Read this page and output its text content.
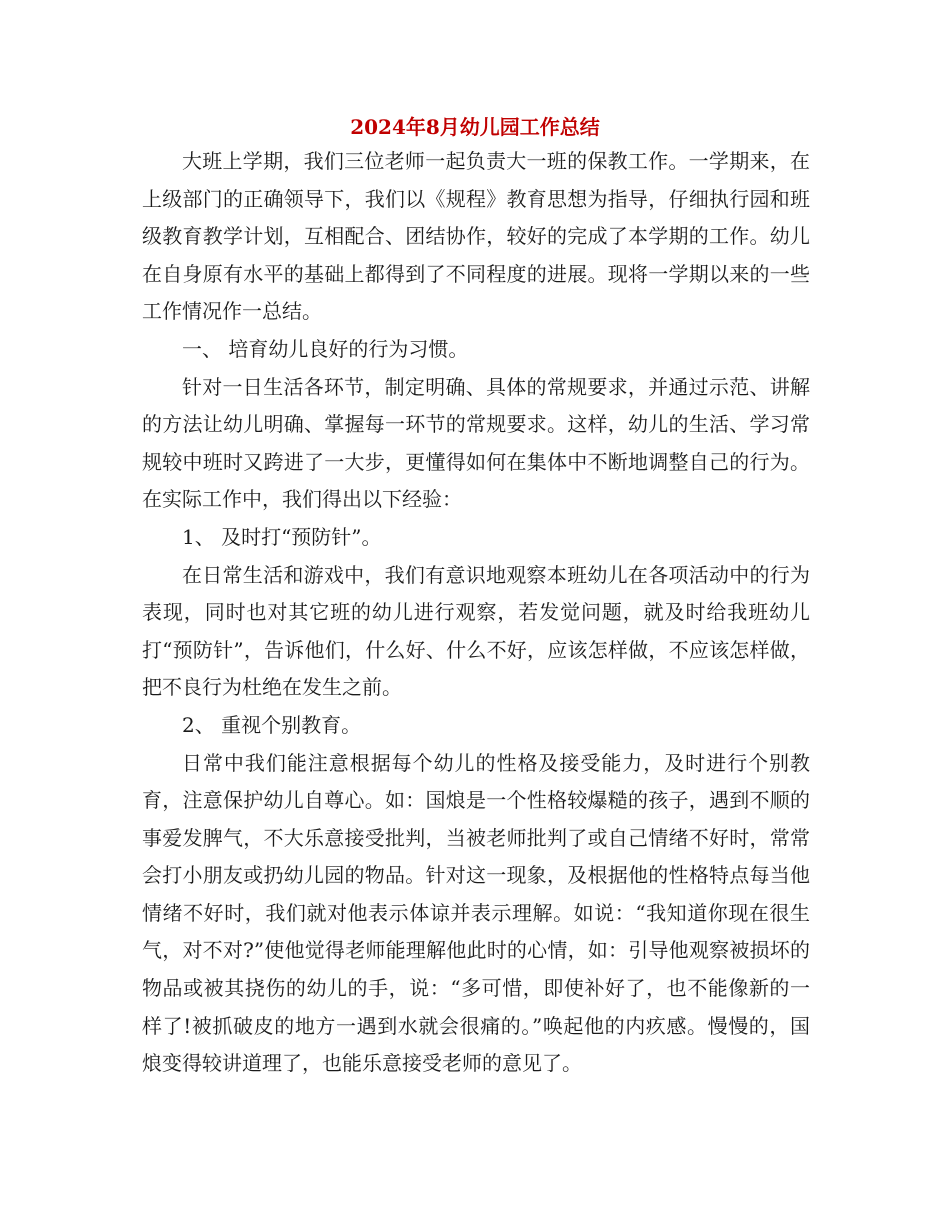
2024年8月幼儿园工作总结

大班上学期，我们三位老师一起负责大一班的保教工作。一学期来，在上级部门的正确领导下，我们以《规程》教育思想为指导，仔细执行园和班级教育教学计划，互相配合、团结协作，较好的完成了本学期的工作。幼儿在自身原有水平的基础上都得到了不同程度的进展。现将一学期以来的一些工作情况作一总结。

一、 培育幼儿良好的行为习惯。

针对一日生活各环节，制定明确、具体的常规要求，并通过示范、讲解的方法让幼儿明确、掌握每一环节的常规要求。这样，幼儿的生活、学习常规较中班时又跨进了一大步，更懂得如何在集体中不断地调整自己的行为。在实际工作中，我们得出以下经验：

1、 及时打“预防针”。

在日常生活和游戏中，我们有意识地观察本班幼儿在各项活动中的行为表现，同时也对其它班的幼儿进行观察，若发觉问题，就及时给我班幼儿打“预防针”，告诉他们，什么好、什么不好，应该怎样做，不应该怎样做，把不良行为杜绝在发生之前。

2、 重视个别教育。

日常中我们能注意根据每个幼儿的性格及接受能力，及时进行个别教育，注意保护幼儿自尊心。如：国烺是一个性格较爆糙的孩子，遇到不顺的事爱发脾气，不大乐意接受批判，当被老师批判了或自己情绪不好时，常常会打小朋友或扔幼儿园的物品。针对这一现象，及根据他的性格特点每当他情绪不好时，我们就对他表示体谅并表示理解。如说：“我知道你现在很生气，对不对?”使他觉得老师能理解他此时的心情，如：引导他观察被损坏的物品或被其挠伤的幼儿的手，说：“多可惜，即使补好了，也不能像新的一样了!被抓破皮的地方一遇到水就会很痛的。”唤起他的内疚感。慢慢的，国烺变得较讲道理了，也能乐意接受老师的意见了。
